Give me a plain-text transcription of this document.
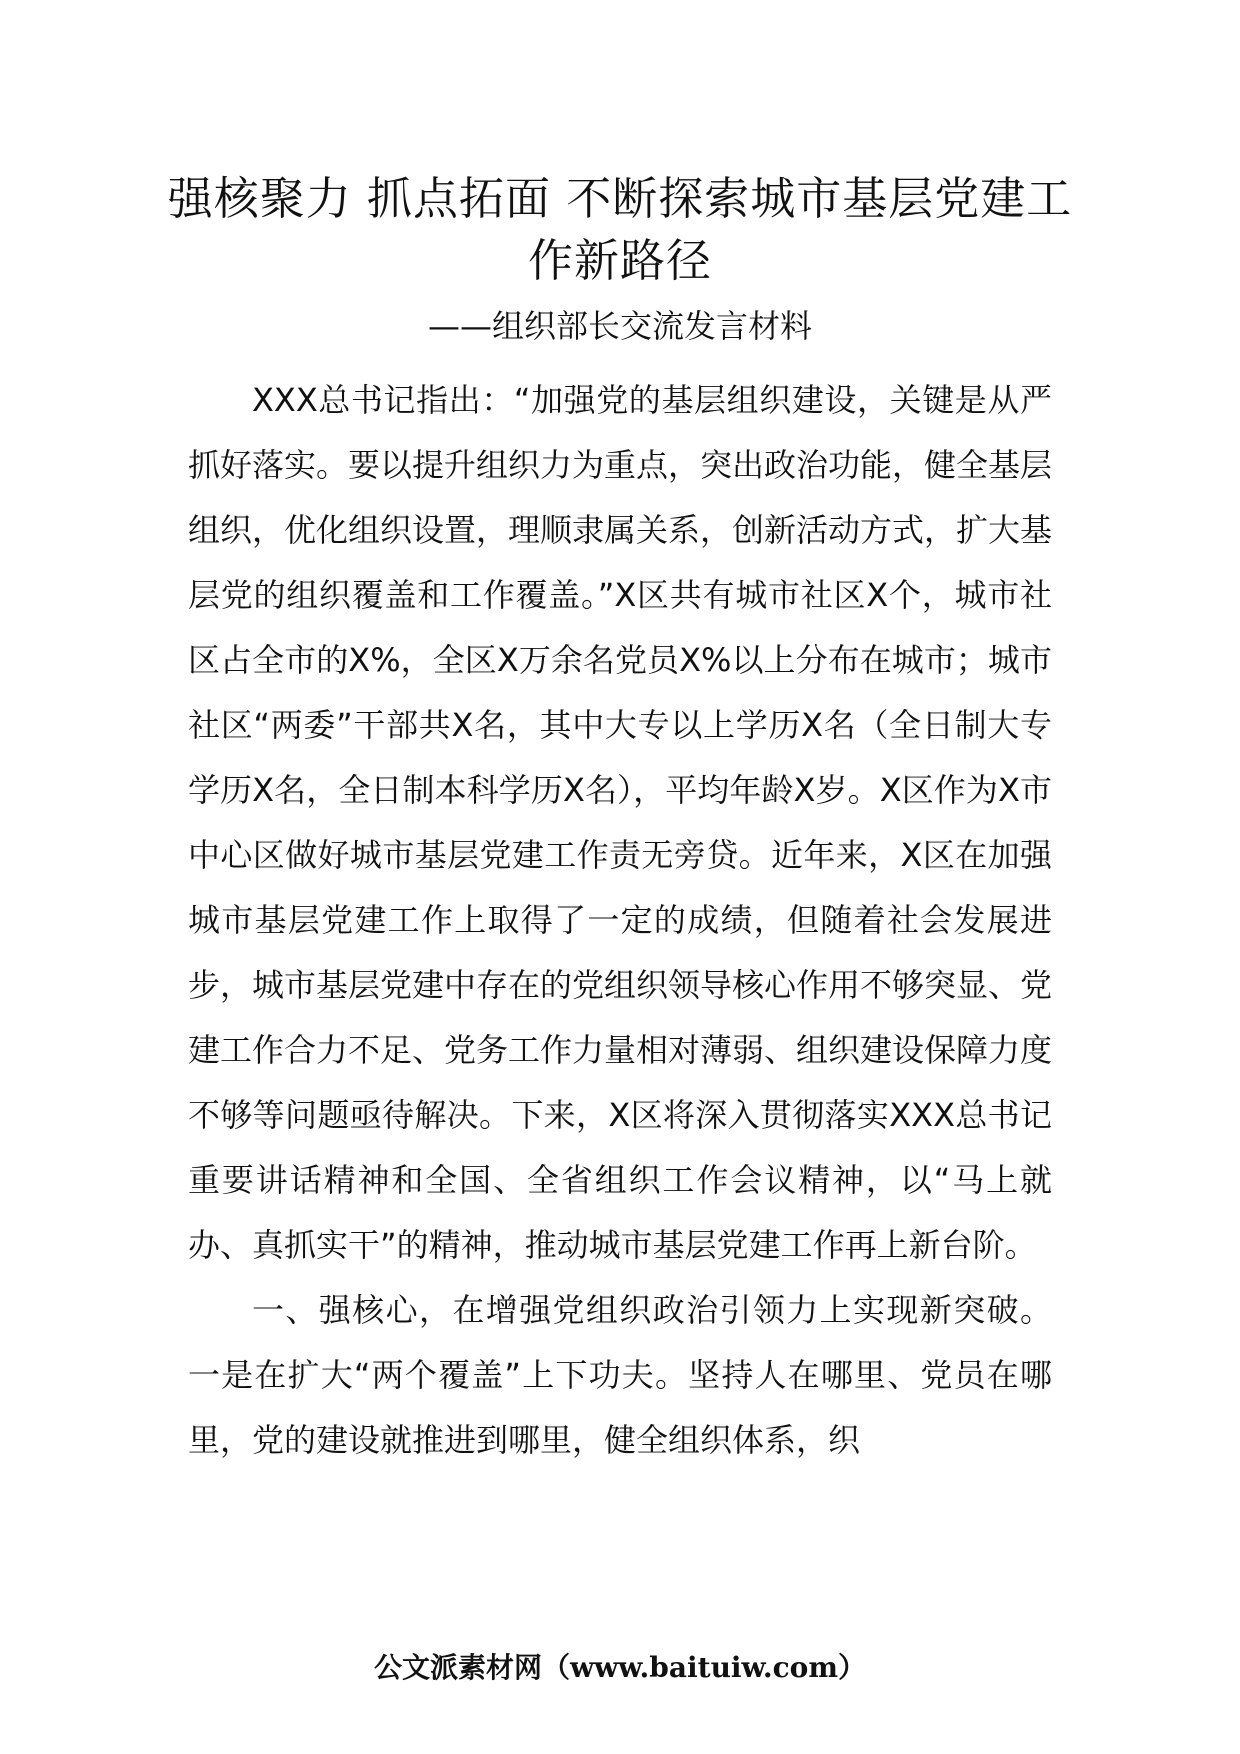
强核聚力 抓点拓面 不断探索城市基层党建工作新路径
——组织部长交流发言材料

XXX总书记指出：“加强党的基层组织建设，关键是从严抓好落实。要以提升组织力为重点，突出政治功能，健全基层组织，优化组织设置，理顺隶属关系，创新活动方式，扩大基层党的组织覆盖和工作覆盖。”X区共有城市社区X个，城市社区占全市的X%，全区X万余名党员X%以上分布在城市；城市社区“两委”干部共X名，其中大专以上学历X名（全日制大专学历X名，全日制本科学历X名），平均年龄X岁。X区作为X市中心区做好城市基层党建工作责无旁贷。近年来，X区在加强城市基层党建工作上取得了一定的成绩，但随着社会发展进步，城市基层党建中存在的党组织领导核心作用不够突显、党建工作合力不足、党务工作力量相对薄弱、组织建设保障力度不够等问题亟待解决。下来，X区将深入贯彻落实XXX总书记重要讲话精神和全国、全省组织工作会议精神，以“马上就办、真抓实干”的精神，推动城市基层党建工作再上新台阶。

一、强核心，在增强党组织政治引领力上实现新突破。一是在扩大“两个覆盖”上下功夫。坚持人在哪里、党员在哪里，党的建设就推进到哪里，健全组织体系，织

公文派素材网（www.baituiw.com）
